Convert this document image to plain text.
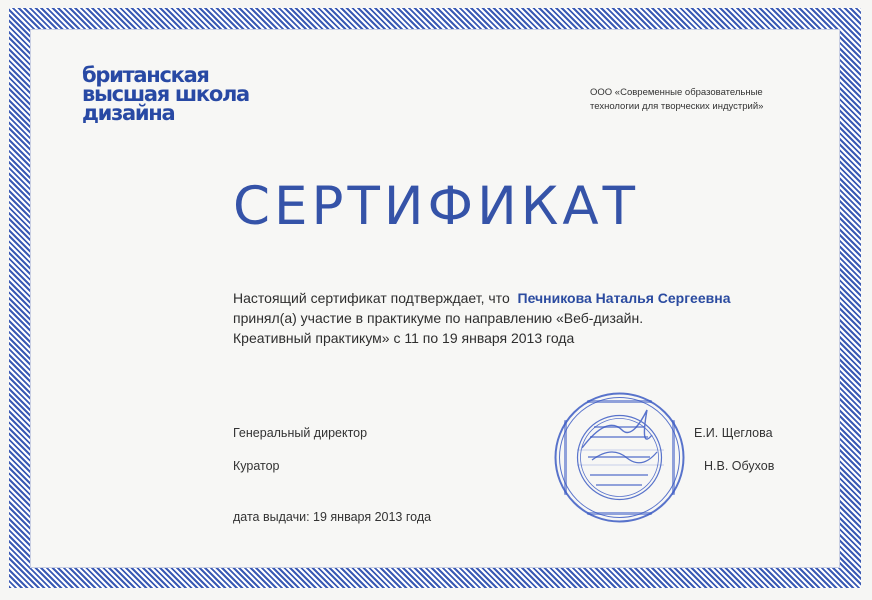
британская
высшая школа
дизайна
ООО «Современные образовательные
технологии для творческих индустрий»
СЕРТИФИКАТ
Настоящий сертификат подтверждает, что Печникова Наталья Сергеевна
принял(а) участие в практикуме по направлению «Веб-дизайн.
Креативный практикум» с 11 по 19 января 2013 года
Генеральный директор	Е.И. Щеглова
Куратор	Н.В. Обухов
дата выдачи: 19 января 2013 года
